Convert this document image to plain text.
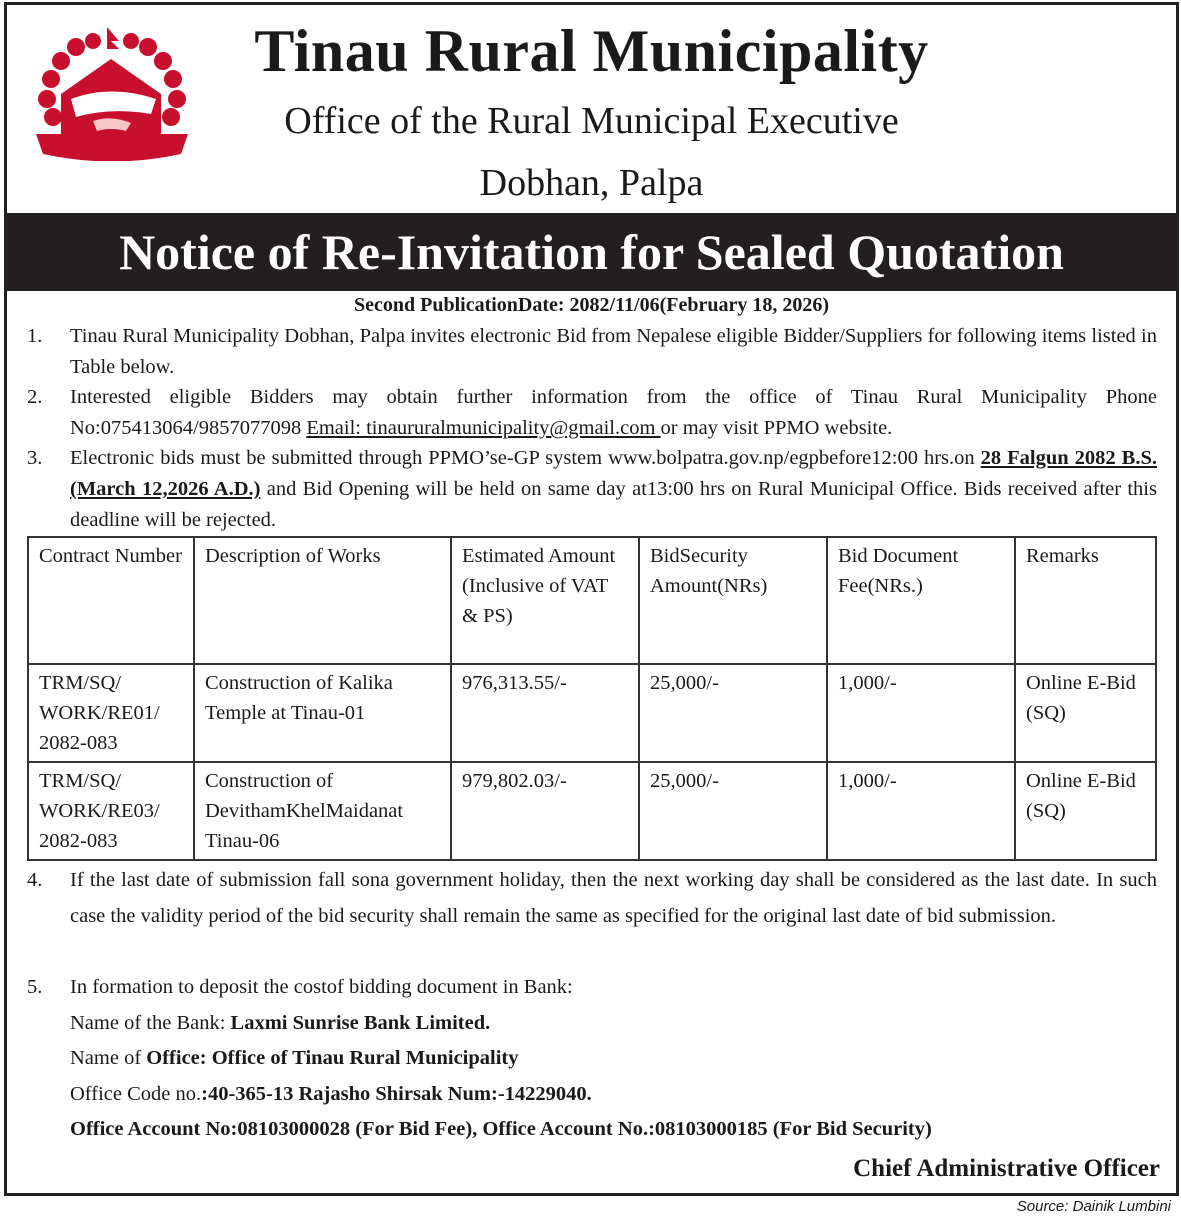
Tinau Rural Municipality
Office of the Rural Municipal Executive
Dobhan, Palpa
Notice of Re-Invitation for Sealed Quotation
Second PublicationDate: 2082/11/06(February 18, 2026)
1. Tinau Rural Municipality Dobhan, Palpa invites electronic Bid from Nepalese eligible Bidder/Suppliers for following items listed in Table below.
2. Interested eligible Bidders may obtain further information from the office of Tinau Rural Municipality Phone No:075413064/9857077098 Email: tinaururalmunicipality@gmail.com or may visit PPMO website.
3. Electronic bids must be submitted through PPMO’se-GP system www.bolpatra.gov.np/egpbefore12:00 hrs.on 28 Falgun 2082 B.S. (March 12,2026 A.D.) and Bid Opening will be held on same day at13:00 hrs on Rural Municipal Office. Bids received after this deadline will be rejected.
Contract Number	Description of Works	Estimated Amount (Inclusive of VAT & PS)	BidSecurity Amount(NRs)	Bid Document Fee(NRs.)	Remarks
TRM/SQ/ WORK/RE01/ 2082-083	Construction of Kalika Temple at Tinau-01	976,313.55/-	25,000/-	1,000/-	Online E-Bid (SQ)
TRM/SQ/ WORK/RE03/ 2082-083	Construction of DevithamKhelMaidanat Tinau-06	979,802.03/-	25,000/-	1,000/-	Online E-Bid (SQ)
4. If the last date of submission fall sona government holiday, then the next working day shall be considered as the last date. In such case the validity period of the bid security shall remain the same as specified for the original last date of bid submission.
5. In formation to deposit the costof bidding document in Bank:
Name of the Bank: Laxmi Sunrise Bank Limited.
Name of Office: Office of Tinau Rural Municipality
Office Code no.:40-365-13 Rajasho Shirsak Num:-14229040.
Office Account No:08103000028 (For Bid Fee), Office Account No.:08103000185 (For Bid Security)
Chief Administrative Officer
Source: Dainik Lumbini
